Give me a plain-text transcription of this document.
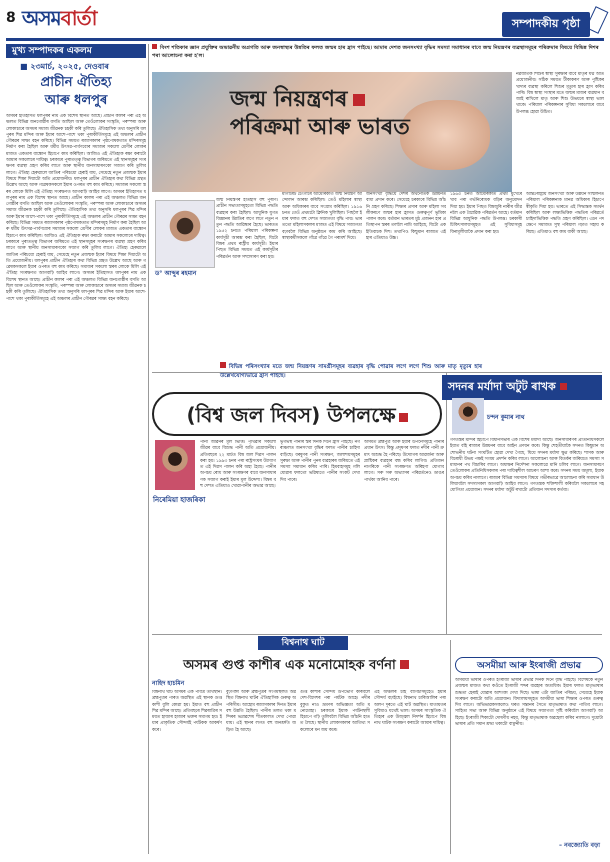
8 অসমবার্তা	সম্পাদকীয় পৃষ্ঠা
মুখ্য সম্পাদকৰ একলম
■ ২৩মাৰ্চ, ২০২৫, দেওবাৰ
প্ৰাচীন ঐতিহ্য
আৰু ধলপুৰ
অসমৰ ইতিহাসত ধলপুৰৰ নাম এক বিশেষ স্থানত আছে। প্ৰাচীন কালৰ পৰা এই অঞ্চলত বিভিন্ন জনগোষ্ঠীৰ বসতি আছিল আৰু তেওঁলোকৰ সংস্কৃতি, পৰম্পৰা আৰু লোকাচাৰে অসমৰ সমাজ জীৱনক চহকী কৰি তুলিছে। ঐতিহাসিক তথ্য অনুসৰি ধলপুৰৰ শিৱ মন্দিৰ আৰু ইয়াৰ আশে-পাশে থকা পুৰাকীৰ্তিসমূহে এই অঞ্চলৰ প্ৰাচীন গৌৰৱৰ সাক্ষ্য বহন কৰিছে। বিভিন্ন সময়ত ৰজাসকলৰ পৃষ্ঠপোষকতাত মন্দিৰসমূহ নিৰ্মাণ কৰা হৈছিল আৰু ধৰ্মীয় উৎসৱ-পাৰ্বণবোৰ সমাজৰ সকলো শ্ৰেণীৰ লোকৰ মাজত একতাৰ বান্ধোন হিচাপে কাম কৰিছিল। আজিও এই ঐতিহ্যক ৰক্ষা কৰাটো আমাৰ সকলোৰে দায়িত্ব। চৰকাৰে পুৰাতত্ত্ব বিভাগৰ জৰিয়তে এই স্থানসমূহৰ সংৰক্ষণৰ ব্যৱস্থা গ্ৰহণ কৰিব লাগে আৰু স্থানীয় জনসাধাৰণকো সজাগ কৰি তুলিব লাগে। ঐতিহ্য হেৰুৱালে জাতিৰ পৰিচয়ো হেৰাই যায়, সেয়েহে নতুন প্ৰজন্মক ইয়াৰ বিষয়ে শিক্ষা দিয়াটো অতি প্ৰয়োজনীয়। ধলপুৰৰ প্ৰাচীন ঐতিহ্যৰ কথা বিভিন্ন গ্ৰন্থত উল্লেখ আছে আৰু গৱেষকসকলে ইয়াৰ ওপৰত বহু কাম কৰিছে। সমাজৰ সকলো স্তৰৰ লোকে মিলি এই ঐতিহ্য সংৰক্ষণত আগবাঢ়ি আহিব লাগে। অসমৰ ইতিহাসত ধলপুৰৰ নাম এক বিশেষ স্থানত আছে। প্ৰাচীন কালৰ পৰা এই অঞ্চলত বিভিন্ন জনগোষ্ঠীৰ বসতি আছিল আৰু তেওঁলোকৰ সংস্কৃতি, পৰম্পৰা আৰু লোকাচাৰে অসমৰ সমাজ জীৱনক চহকী কৰি তুলিছে। ঐতিহাসিক তথ্য অনুসৰি ধলপুৰৰ শিৱ মন্দিৰ আৰু ইয়াৰ আশে-পাশে থকা পুৰাকীৰ্তিসমূহে এই অঞ্চলৰ প্ৰাচীন গৌৰৱৰ সাক্ষ্য বহন কৰিছে। বিভিন্ন সময়ত ৰজাসকলৰ পৃষ্ঠপোষকতাত মন্দিৰসমূহ নিৰ্মাণ কৰা হৈছিল আৰু ধৰ্মীয় উৎসৱ-পাৰ্বণবোৰ সমাজৰ সকলো শ্ৰেণীৰ লোকৰ মাজত একতাৰ বান্ধোন হিচাপে কাম কৰিছিল। আজিও এই ঐতিহ্যক ৰক্ষা কৰাটো আমাৰ সকলোৰে দায়িত্ব। চৰকাৰে পুৰাতত্ত্ব বিভাগৰ জৰিয়তে এই স্থানসমূহৰ সংৰক্ষণৰ ব্যৱস্থা গ্ৰহণ কৰিব লাগে আৰু স্থানীয় জনসাধাৰণকো সজাগ কৰি তুলিব লাগে। ঐতিহ্য হেৰুৱালে জাতিৰ পৰিচয়ো হেৰাই যায়, সেয়েহে নতুন প্ৰজন্মক ইয়াৰ বিষয়ে শিক্ষা দিয়াটো অতি প্ৰয়োজনীয়। ধলপুৰৰ প্ৰাচীন ঐতিহ্যৰ কথা বিভিন্ন গ্ৰন্থত উল্লেখ আছে আৰু গৱেষকসকলে ইয়াৰ ওপৰত বহু কাম কৰিছে। সমাজৰ সকলো স্তৰৰ লোকে মিলি এই ঐতিহ্য সংৰক্ষণত আগবাঢ়ি আহিব লাগে। অসমৰ ইতিহাসত ধলপুৰৰ নাম এক বিশেষ স্থানত আছে। প্ৰাচীন কালৰ পৰা এই অঞ্চলত বিভিন্ন জনগোষ্ঠীৰ বসতি আছিল আৰু তেওঁলোকৰ সংস্কৃতি, পৰম্পৰা আৰু লোকাচাৰে অসমৰ সমাজ জীৱনক চহকী কৰি তুলিছে। ঐতিহাসিক তথ্য অনুসৰি ধলপুৰৰ শিৱ মন্দিৰ আৰু ইয়াৰ আশে-পাশে থকা পুৰাকীৰ্তিসমূহে এই অঞ্চলৰ প্ৰাচীন গৌৰৱৰ সাক্ষ্য বহন কৰিছে।
বিংশ শতিকাৰ জ্ঞান প্ৰযুক্তিৰ অভাৱনীয় অগ্ৰগতি আৰু জনস্বাস্থ্যৰ উন্নতিৰ ফলত জন্মৰ হাৰ হ্ৰাস পাইছে। আমাৰ দেশত জনসংখ্যা বৃদ্ধিৰ সমস্যা সমাধানৰ বাবে জন্ম নিয়ন্ত্ৰণৰ ব্যৱস্থাসমূহৰ পৰিক্ৰমাৰ বিষয়ে বিভিন্ন দিশৰ পৰা আলোচনা কৰা হ'ল।
জন্ম নিয়ন্ত্ৰণৰ
পৰিক্ৰমা আৰু ভাৰত
নৱজাতক শিশুৰ স্বাস্থ্য সুৰক্ষাৰ বাবে মাতৃৰ যত্ন অতি প্ৰয়োজনীয়। সঠিক সময়ত টীকাকৰণ আৰু পুষ্টিকৰ খাদ্যৰ ব্যৱস্থা কৰিলে শিশুৰ মৃত্যুৰ হাৰ হ্ৰাস কৰিব পাৰি। বিশ্ব স্বাস্থ্য সংস্থাৰ মতে জন্মৰ মাজৰ ব্যৱধান বজাই ৰাখিলে মাতৃ আৰু শিশু উভয়ৰে স্বাস্থ্য ভাল থাকে। পৰিয়াল পৰিকল্পনাৰ সুবিধা সকলোৰে বাবে উপলব্ধ হোৱা উচিত।
ড° আব্দুৰ ৰহমান
জন্ম নিয়ন্ত্ৰণৰ ইতিহাস বহু পুৰণি। প্ৰাচীন সভ্যতাসমূহতো বিভিন্ন পদ্ধতি ব্যৱহাৰ কৰা হৈছিল। আধুনিক যুগত বিজ্ঞানৰ উন্নতিৰ লগে লগে নতুন নতুন পদ্ধতি আৱিষ্কাৰ হৈছে। ভাৰতত ১৯৫২ চনতে পৰিয়াল পৰিকল্পনা কাৰ্যসূচী আৰম্ভ কৰা হৈছিল, যিটো বিশ্বৰ প্ৰথম ৰাষ্ট্ৰীয় কাৰ্যসূচী। ইয়াৰ পিছত বিভিন্ন সময়ত এই কাৰ্যসূচীৰ পৰিৱৰ্তন আৰু সম্প্ৰসাৰণ কৰা হয়।
মাৰ্গাৰেট চেংগাৰে আমেৰিকাত জন্ম নিয়ন্ত্ৰণ আন্দোলন আৰম্ভ কৰিছিল। তেওঁ মহিলাৰ স্বাস্থ্য আৰু অধিকাৰৰ বাবে সংগ্ৰাম কৰিছিল। ১৯১৬ চনত তেওঁ প্ৰথমটো ক্লিনিক খুলিছিল। পিছলৈ ইয়াৰ ফলত বহু দেশত সজাগতা বৃদ্ধি পায়। ভাৰততো মহিলাসকলৰ মাজত এই বিষয়ে সজাগতা বঢ়াবলৈ বিভিন্ন অনুষ্ঠানে কাম কৰি আহিছে। স্বাস্থ্যকৰ্মীসকলে গাঁৱে গাঁৱে গৈ পৰামৰ্শ দিয়ে।
জনসংখ্যা বৃদ্ধিয়ে দেশৰ অৰ্থনৈতিক উন্নয়নত বাধা প্ৰদান কৰে। সেয়েহে চৰকাৰে বিভিন্ন আঁচনি গ্ৰহণ কৰিছে। শিক্ষাৰ প্ৰসাৰ আৰু মহিলা সবলীকৰণে জন্মৰ হাৰ হ্ৰাসত গুৰুত্বপূৰ্ণ ভূমিকা পালন কৰে। বৰ্তমান ভাৰতৰ মুঠ প্ৰজনন হাৰ প্ৰতিস্থাপন স্তৰৰ তললৈ নামি আহিছে, যিটো এক ইতিবাচক দিশ। তথাপিও কিছুমান ৰাজ্যত এই হাৰ এতিয়াও উচ্চ।
১৯৬০ চনত আমেৰিকাত প্ৰথম মুখেৰে খাব পৰা গৰ্ভনিৰোধক বড়িৰ অনুমোদন দিয়া হয়। ইয়াৰ পিছত বিশ্বজুৰি নাৰীৰ জীৱনলৈ এক বৈপ্লৱিক পৰিৱৰ্তন আহে। বৰ্তমান বিভিন্ন আধুনিক পদ্ধতি উপলব্ধ। চৰকাৰী চিকিৎসালয়সমূহত এই সুবিধাসমূহ বিনামূলীয়াকৈ প্ৰদান কৰা হয়।
আন্তঃৰাষ্ট্ৰীয় জনসংখ্যা আৰু উন্নয়ন সন্মিলনত পৰিয়াল পৰিকল্পনাক মানৱ অধিকাৰ হিচাপে স্বীকৃতি দিয়া হয়। ভাৰতে এই সিদ্ধান্তক সমৰ্থন কৰিছিল আৰু লক্ষ্যভিত্তিক পদ্ধতিৰ পৰিৱৰ্তে চাহিদাভিত্তিক পদ্ধতি গ্ৰহণ কৰিছিল। এনে পদক্ষেপে সমাজত সুস্থ পৰিয়াল গঢ়াত সহায় কৰিছে। এতিয়াও বহু কাম বাকী আছে।
বিভিন্ন পৰিসংখ্যাৰ মতে জন্ম নিয়ন্ত্ৰণৰ সামগ্ৰীসমূহৰ ব্যৱহাৰ বৃদ্ধি পোৱাৰ লগে লগে শিশু আৰু মাতৃ মৃত্যুৰ হাৰ উল্লেখযোগ্যভাৱে হ্ৰাস পাইছে।
(বিশ্ব জল দিবস) উপলক্ষে
নিৰেমিয়া হাজৰিকা
পানী জীৱনৰ মূল ভিত্তি। পৃথিৱীৰ সকলো জীৱৰ বাবে বিশুদ্ধ পানী অতি প্ৰয়োজনীয়। প্ৰতিবছৰে ২২ মাৰ্চত বিশ্ব জল দিৱস পালন কৰা হয়। ১৯৯৩ চনৰ পৰা ৰাষ্ট্ৰসংঘৰ উদ্যোগত এই দিৱস পালন কৰি অহা হৈছে। পানীৰ অপচয় ৰোধ আৰু সংৰক্ষণৰ বাবে জনসাধাৰণক সজাগ কৰাই ইয়াৰ মূল উদ্দেশ্য। বিশ্বৰ বহু দেশত এতিয়াও খোৱাপানীৰ অভাৱ আছে।
ভূগৰ্ভস্থ পানীৰ স্তৰ দিনক দিনে হ্ৰাস পাইছে। নগৰাঞ্চলত জনসংখ্যা বৃদ্ধিৰ ফলত পানীৰ চাহিদা বাঢ়িছে। বৰষুণৰ পানী সংৰক্ষণ, জলাশয়সমূহৰ সুৰক্ষা আৰু পানীৰ পুনৰ ব্যৱহাৰৰ জৰিয়তে এই সমস্যা সমাধান কৰিব পাৰি। হিমবাহসমূহ গলি যোৱাৰ ফলতো ভৱিষ্যতে পানীৰ সংকট দেখা দিব পাৰে।
অসমত ব্ৰহ্মপুত্ৰ আৰু ইয়াৰ উপনৈসমূহে পানীৰ প্ৰধান উৎস। কিন্তু প্ৰদূষণৰ ফলত নদীৰ পানী ক্ৰমাৎ অশুদ্ধ হৈ পৰিছে। উদ্যোগৰ আৱৰ্জনা আৰু প্লাষ্টিকৰ ব্যৱহাৰ বন্ধ কৰিব লাগিব। প্ৰতিজন নাগৰিকে পানী সংৰক্ষণত অৰিহণা যোগাব লাগে। সৰু সৰু অভ্যাসৰ পৰিৱৰ্তনেও ডাঙৰ পাৰ্থক্য আনিব পাৰে।
সদনৰ মৰ্যাদা অটুট ৰাখক
চন্দন কুমাৰ নাথ
গণতন্ত্ৰৰ মন্দিৰ হিচাপে বিধানসভাৰ এক বিশেষ মৰ্যাদা আছে। জনসাধাৰণৰ প্ৰতিনিধিসকলে ইয়াত বহি ৰাজ্যৰ উন্নয়নৰ বাবে আইন প্ৰণয়ন কৰে। কিন্তু শেহতীয়াকৈ সদনত কিছুমান অশোভনীয় ঘটনা সংঘটিত হোৱা দেখা গৈছে, যিয়ে সদনৰ মৰ্যাদা ক্ষুণ্ণ কৰিছে। শাসক আৰু বিৰোধী উভয় পক্ষই সংযম প্ৰদৰ্শন কৰিব লাগে। আলোচনা আৰু বিতৰ্কৰ জৰিয়তে সমস্যা সমাধানৰ পথ বিচাৰিব লাগে। অধ্যক্ষৰ নিৰ্দেশনা সকলোৱে মানি চলিব লাগে। জনসাধাৰণে তেওঁলোকৰ প্ৰতিনিধিসকলৰ পৰা দায়িত্বশীল আচৰণ আশা কৰে। সদনৰ সময় অমূল্য, ইয়াক অপচয় কৰিব নালাগে। ৰাজ্যৰ বিভিন্ন সমস্যাৰ বিষয়ে গভীৰভাৱে আলোচনা কৰি সমাধান উলিয়াবলৈ সদস্যসকল আগবাঢ়ি আহিব লাগে। গণতন্ত্ৰক শক্তিশালী কৰিবলৈ সকলোৰে সহযোগিতা প্ৰয়োজন। সদনৰ মৰ্যাদা অটুট ৰখাটো প্ৰতিজন সদস্যৰ কৰ্তব্য।
বিশ্বনাথ ঘাট
অসমৰ গুপ্ত কাশীৰ এক মনোমোহক বৰ্ণনা
নাহিদ হাচমিন
বিশ্বনাথ ঘাট অসমৰ এক পবিত্ৰ তীৰ্থস্থান। ব্ৰহ্মপুত্ৰৰ পাৰত অৱস্থিত এই স্থানক গুপ্ত কাশী বুলি কোৱা হয়। ইয়াত বহু প্ৰাচীন শিৱ মন্দিৰ আছে। প্ৰতিবছৰে শিৱৰাত্ৰিৰ সময়ত হাজাৰ হাজাৰ ভক্তৰ সমাগম হয়। ইয়াৰ প্ৰাকৃতিক সৌন্দৰ্যই পৰ্যটকক আকৰ্ষণ কৰে।
বুঢ়ীগঙ্গা আৰু ব্ৰহ্মপুত্ৰৰ সংগমস্থলত অৱস্থিত বিশ্বনাথ ঘাটৰ ঐতিহাসিক গুৰুত্ব অপৰিসীম। আহোম ৰজাসকলৰ দিনত ইয়াৰ বহু উন্নতি হৈছিল। পানীৰ তলত থকা মন্দিৰৰ ভগ্নাৱশেষ শীতকালত দেখা পোৱা যায়। এই স্থানৰ লগত বহু জনশ্ৰুতি জড়িত হৈ আছে।
গুপ্ত কাশীৰ সৌন্দৰ্য উপভোগ কৰিবলৈ দেশ-বিদেশৰ পৰা পৰ্যটক আহে। নদীৰ বুকুত নাও ভ্ৰমণৰ অভিজ্ঞতা অতি মনোমোহা। চৰকাৰে ইয়াক পৰ্যটনস্থলী হিচাপে গঢ়ি তুলিবলৈ বিভিন্ন আঁচনি হাতত লৈছে। স্থানীয় লোকসকলৰ আতিথ্য সকলোৰে মন জয় কৰে।
এই অঞ্চলৰ চাহ বাগিচাসমূহেও ইয়াৰ সৌন্দৰ্য বঢ়াইছে। বিশ্বনাথ চাৰিআলিৰ পৰা অলপ দূৰতে এই ঘাট অৱস্থিত। যাতায়তৰ সুবিধাও যথেষ্ট ভাল। অসমৰ সাংস্কৃতিক ঐতিহ্যৰ এক উজ্জ্বল নিদৰ্শন হিচাপে বিশ্বনাথ ঘাটক সংৰক্ষণ কৰাটো আমাৰ দায়িত্ব।
অসমীয়া আৰু ইংৰাজী প্ৰভাৱ
অসমীয়া ভাষাৰ ওপৰত ইংৰাজী ভাষাৰ প্ৰভাৱ দিনক দিনে বৃদ্ধি পাইছে। বিশেষকৈ নতুন প্ৰজন্মৰ মাজত কথা কওঁতে ইংৰাজী শব্দৰ ব্যৱহাৰ অত্যধিক। ইয়াৰ ফলত মাতৃভাষাৰ শুদ্ধতা হেৰাই যোৱাৰ আশংকা দেখা দিছে। ভাষা এটা জাতিৰ পৰিচয়, সেয়েহে ইয়াক সংৰক্ষণ কৰাটো অতি প্ৰয়োজন। বিদ্যালয়সমূহত অসমীয়া ভাষা শিক্ষাৰ ওপৰত গুৰুত্ব দিব লাগে। অভিভাৱকসকলেও ঘৰত সন্তানৰ সৈতে মাতৃভাষাত কথা পাতিব লাগে। সাহিত্য সভা আৰু বিভিন্ন অনুষ্ঠানে এই বিষয়ে সজাগতা সৃষ্টি কৰিবলৈ আগবাঢ়ি আহিছে। ইংৰাজী শিকাটো দোষণীয় নহয়, কিন্তু মাতৃভাষাক অৱহেলা কৰিব নালাগে। দুয়োটা ভাষাৰ প্ৰতি সমান শ্ৰদ্ধা থকাটো বাঞ্ছনীয়।
– নবজ্যোতি বড়া
